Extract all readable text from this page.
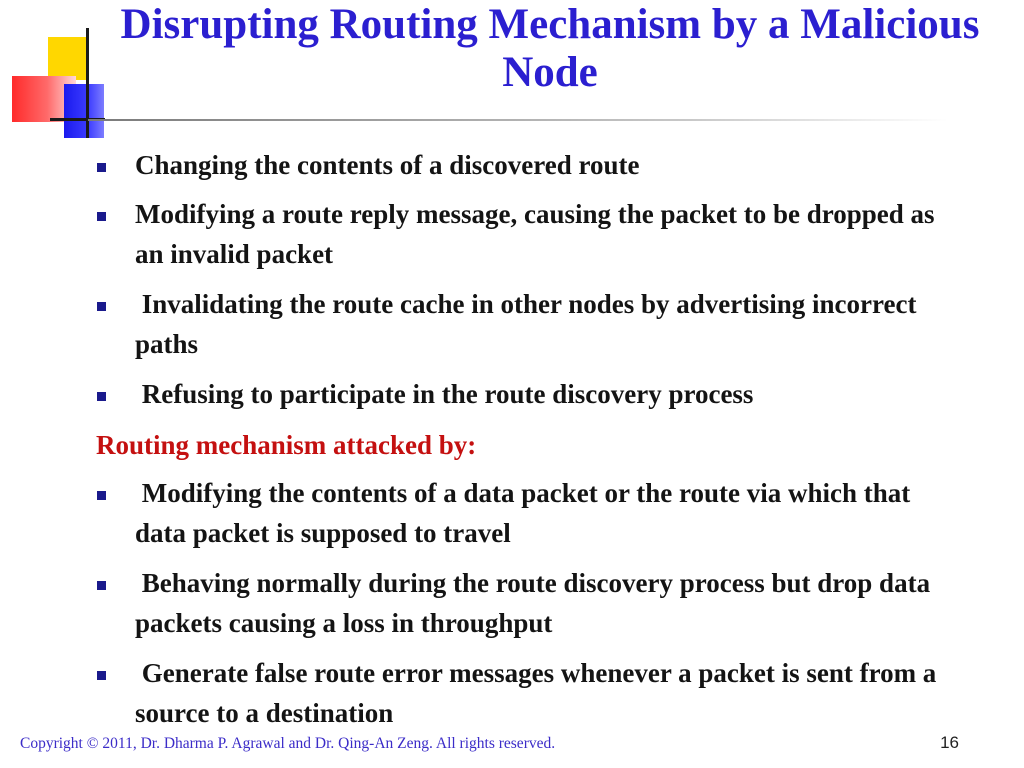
Disrupting Routing Mechanism by a Malicious Node
Changing the contents of a discovered route
Modifying a route reply message, causing the packet to be dropped as an invalid packet
Invalidating the route cache in other nodes by advertising incorrect paths
Refusing to participate in the route discovery process
Routing mechanism attacked by:
Modifying the contents of a data packet or the route via which that data packet is supposed to travel
Behaving normally during the route discovery process but drop data packets causing a loss in throughput
Generate false route error messages whenever a packet is sent from a source to a destination
Copyright © 2011, Dr. Dharma P. Agrawal and Dr. Qing-An Zeng. All rights reserved.	16
